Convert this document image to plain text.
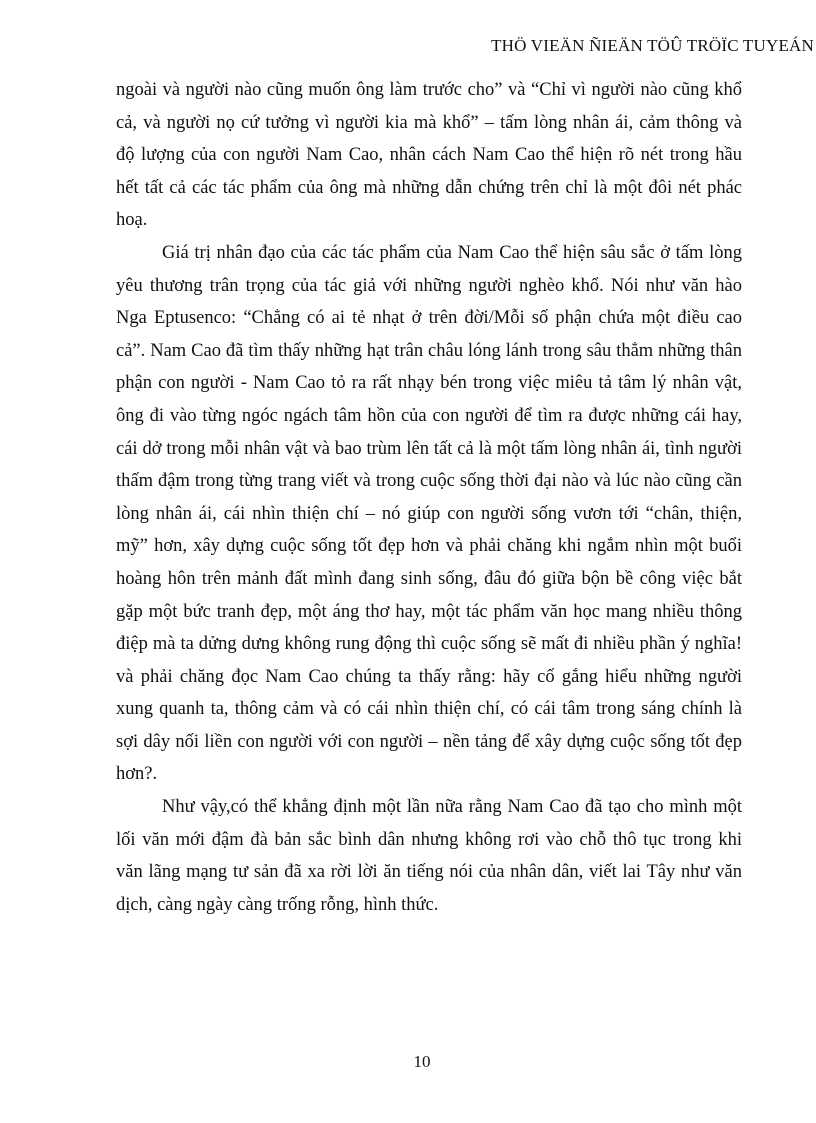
THÖ VIEÄN ÑIEÄN TÖÛ TRÖÏC TUYEÁN
ngoài và người nào cũng muốn ông làm trước cho” và “Chỉ vì người nào cũng khổ
cả, và người nọ cứ tưởng vì người kia mà khổ” – tấm lòng nhân ái, cảm thông và
độ lượng của con người Nam Cao, nhân cách Nam Cao thể hiện rõ nét trong hầu
hết tất cả các tác phẩm của ông mà những dẫn chứng trên chỉ là một đôi nét phác
hoạ.
Giá trị nhân đạo của các tác phẩm của Nam Cao thể hiện sâu sắc ở tấm lòng
yêu thương trân trọng của tác giả với những người nghèo khổ. Nói như văn hào
Nga Eptusenco: “Chẳng có ai tẻ nhạt ở trên đời/Mỗi số phận chứa một điều cao
cả”. Nam Cao đã tìm thấy những hạt trân châu lóng lánh trong sâu thẳm những thân
phận con người - Nam Cao tỏ ra rất nhạy bén trong việc miêu tả tâm lý nhân vật,
ông đi vào từng ngóc ngách tâm hồn của con người để tìm ra được những cái hay,
cái dở trong mỗi nhân vật và bao trùm lên tất cả là một tấm lòng nhân ái, tình người
thấm đậm trong từng trang viết và trong cuộc sống thời đại nào và lúc nào cũng cần
lòng nhân ái, cái nhìn thiện chí – nó giúp con người sống vươn tới “chân, thiện,
mỹ” hơn, xây dựng cuộc sống tốt đẹp hơn và phải chăng khi ngắm nhìn một buổi
hoàng hôn trên mảnh đất mình đang sinh sống, đâu đó giữa bộn bề công việc bắt
gặp một bức tranh đẹp, một áng thơ hay, một tác phẩm văn học mang nhiều thông
điệp mà ta dửng dưng không rung động thì cuộc sống sẽ mất đi nhiều phần ý nghĩa!
và phải chăng đọc Nam Cao chúng ta thấy rằng: hãy cố gắng hiểu những người
xung quanh ta, thông cảm và có cái nhìn thiện chí, có cái tâm trong sáng chính là
sợi dây nối liền con người với con người – nền tảng để xây dựng cuộc sống tốt đẹp
hơn?.
Như vậy,có thể khẳng định một lần nữa rằng Nam Cao đã tạo cho mình một
lối văn mới đậm đà bản sắc bình dân nhưng không rơi vào chỗ thô tục trong khi
văn lãng mạng tư sản đã xa rời lời ăn tiếng nói của nhân dân, viết lai Tây như văn
dịch, càng ngày càng trống rỗng, hình thức.
10
